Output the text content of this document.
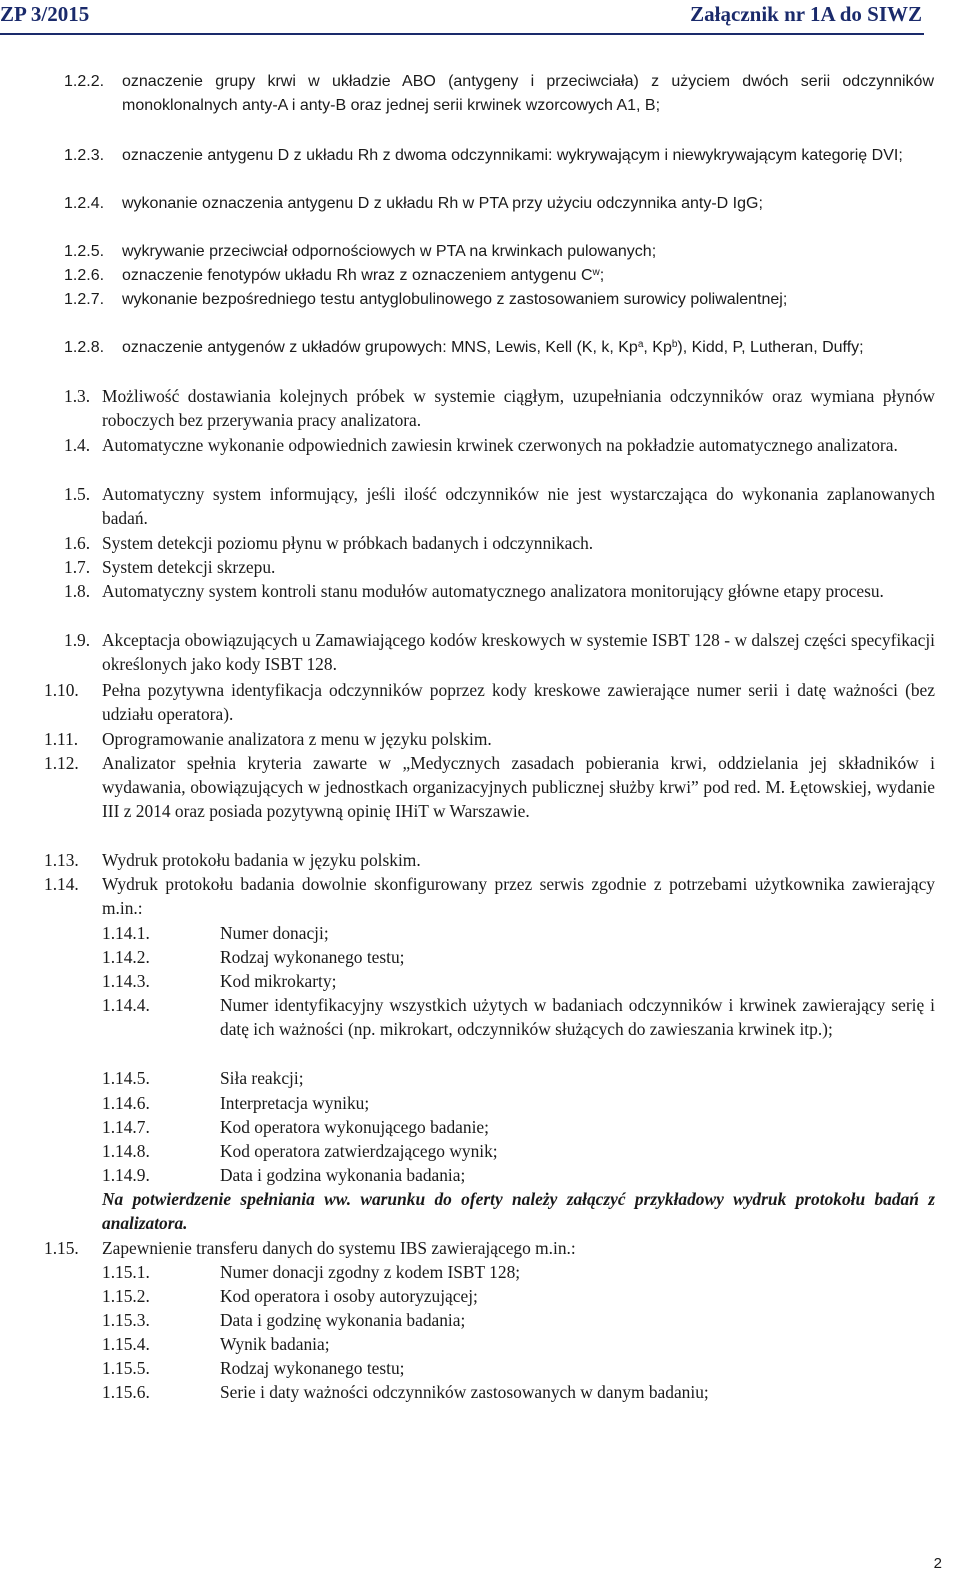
ZP 3/2015	Załącznik nr 1A do SIWZ
1.2.2.	oznaczenie grupy krwi w układzie ABO (antygeny i przeciwciała) z użyciem dwóch serii odczynników monoklonalnych anty-A i anty-B oraz jednej serii krwinek wzorcowych A1, B;
1.2.3.	oznaczenie antygenu D z układu Rh z dwoma odczynnikami: wykrywającym i niewykrywającym kategorię DVI;
1.2.4.	wykonanie oznaczenia antygenu D z układu Rh w PTA przy użyciu odczynnika anty-D IgG;
1.2.5.	wykrywanie przeciwciał odpornościowych w PTA na krwinkach pulowanych;
1.2.6.	oznaczenie fenotypów układu Rh wraz z oznaczeniem antygenu $C^w$;
1.2.7.	wykonanie bezpośredniego testu antyglobulinowego z zastosowaniem surowicy poliwalentnej;
1.2.8.	oznaczenie antygenów z układów grupowych: MNS, Lewis, Kell (K, k, Kp$^a$, Kp$^b$), Kidd, P, Lutheran, Duffy;
1.3. Możliwość dostawiania kolejnych próbek w systemie ciągłym, uzupełniania odczynników oraz wymiana płynów roboczych bez przerywania pracy analizatora.
1.4. Automatyczne wykonanie odpowiednich zawiesin krwinek czerwonych na pokładzie automatycznego analizatora.
1.5. Automatyczny system informujący, jeśli ilość odczynników nie jest wystarczająca do wykonania zaplanowanych badań.
1.6. System detekcji poziomu płynu w próbkach badanych i odczynnikach.
1.7. System detekcji skrzepu.
1.8. Automatyczny system kontroli stanu modułów automatycznego analizatora monitorujący główne etapy procesu.
1.9. Akceptacja obowiązujących u Zamawiającego kodów kreskowych w systemie ISBT 128 - w dalszej części specyfikacji określonych jako kody ISBT 128.
1.10.	Pełna pozytywna identyfikacja odczynników poprzez kody kreskowe zawierające numer serii i datę ważności (bez udziału operatora).
1.11.	Oprogramowanie analizatora z menu w języku polskim.
1.12.	Analizator spełnia kryteria zawarte w „Medycznych zasadach pobierania krwi, oddzielania jej składników i wydawania, obowiązujących w jednostkach organizacyjnych publicznej służby krwi” pod red. M. Łętowskiej, wydanie III z 2014 oraz posiada pozytywną opinię IHiT w Warszawie.
1.13.	Wydruk protokołu badania w języku polskim.
1.14.	Wydruk protokołu badania dowolnie skonfigurowany przez serwis zgodnie z potrzebami użytkownika zawierający m.in.:
1.14.1.	Numer donacji;
1.14.2.	Rodzaj wykonanego testu;
1.14.3.	Kod mikrokarty;
1.14.4.	Numer identyfikacyjny wszystkich użytych w badaniach odczynników i krwinek zawierający serię i datę ich ważności (np. mikrokart, odczynników służących do zawieszania krwinek itp.);
1.14.5.	Siła reakcji;
1.14.6.	Interpretacja wyniku;
1.14.7.	Kod operatora wykonującego badanie;
1.14.8.	Kod operatora zatwierdzającego wynik;
1.14.9.	Data i godzina wykonania badania;
Na potwierdzenie spełniania ww. warunku do oferty należy załączyć przykładowy wydruk protokołu badań z analizatora.
1.15.	Zapewnienie transferu danych do systemu IBS zawierającego m.in.:
1.15.1.	Numer donacji zgodny z kodem ISBT 128;
1.15.2.	Kod operatora i osoby autoryzującej;
1.15.3.	Data i godzinę wykonania badania;
1.15.4.	Wynik badania;
1.15.5.	Rodzaj wykonanego testu;
1.15.6.	Serie i daty ważności odczynników zastosowanych w danym badaniu;
2
